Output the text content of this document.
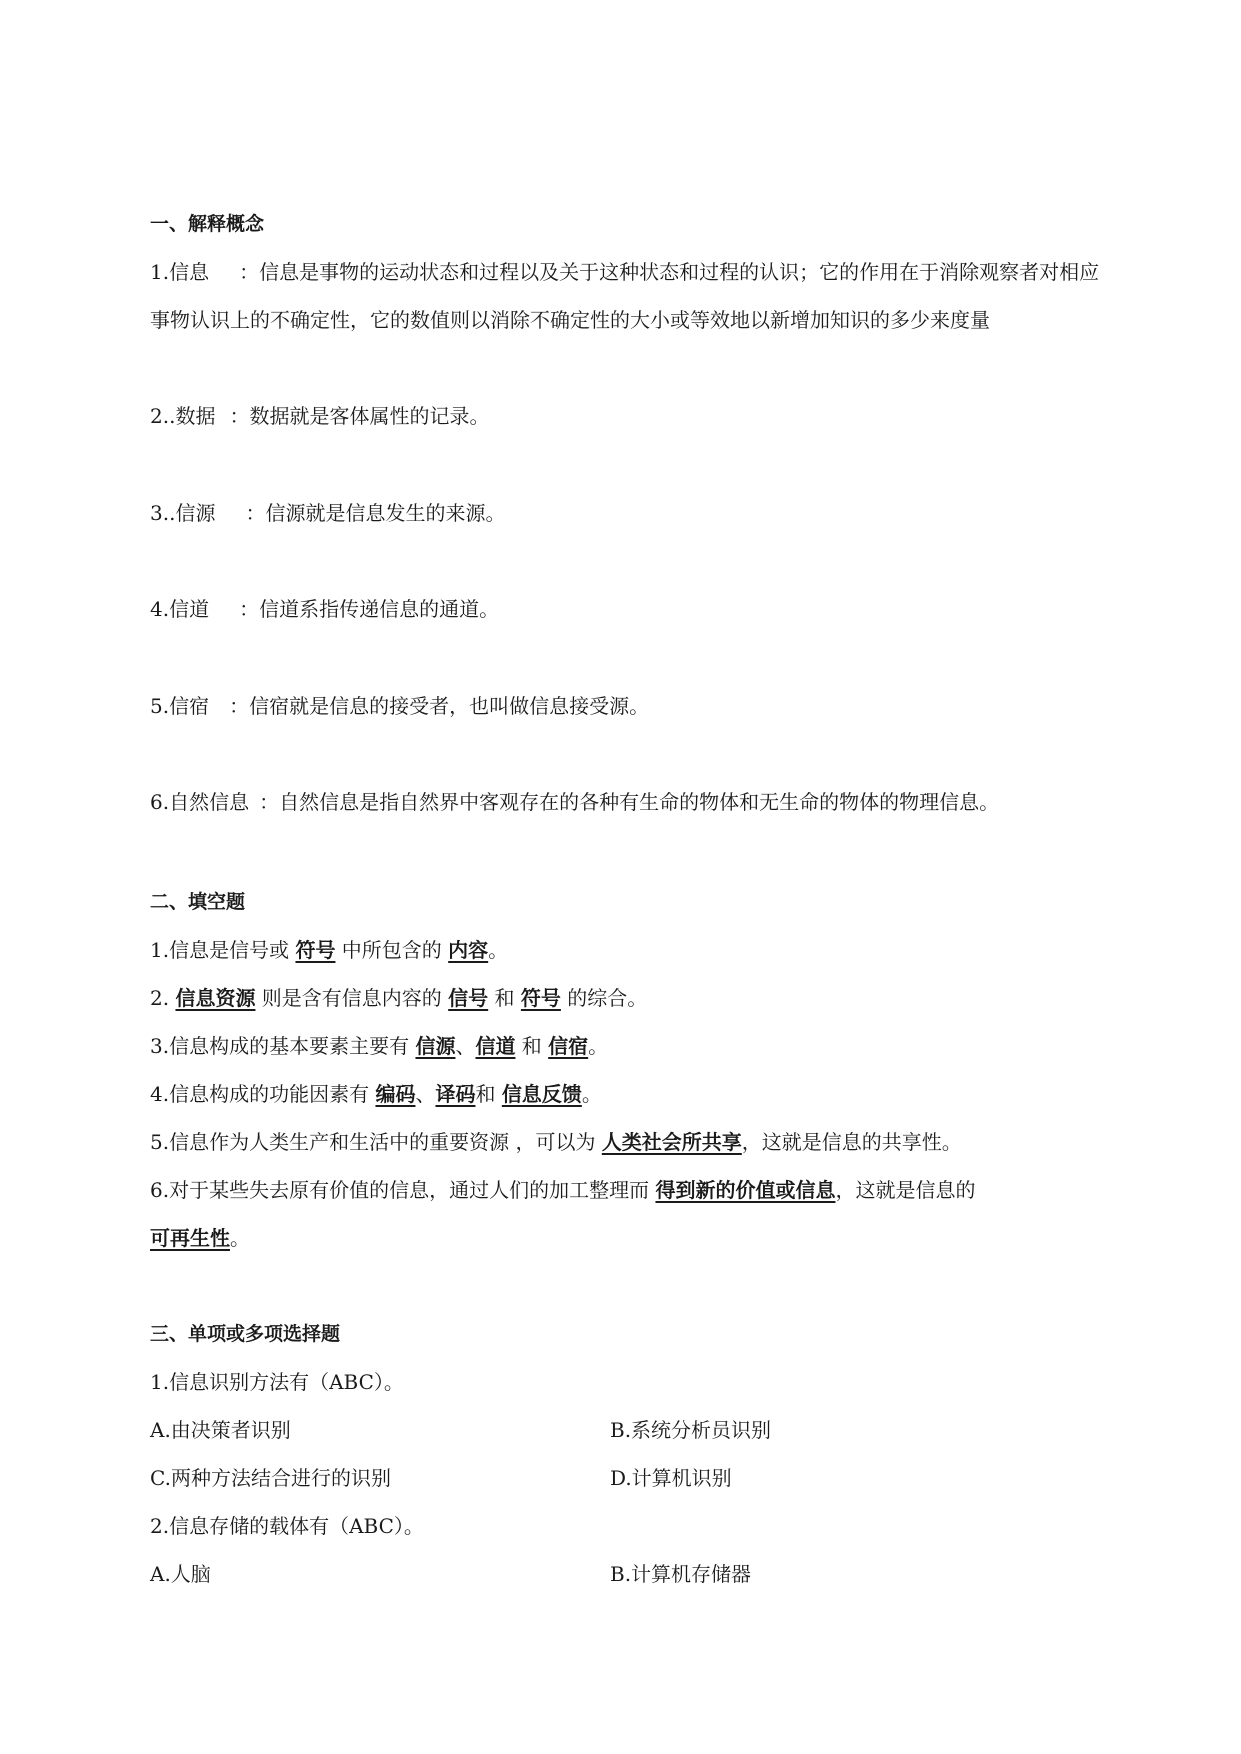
一、解释概念
1.信息 ：信息是事物的运动状态和过程以及关于这种状态和过程的认识；它的作用在于消除观察者对相应
事物认识上的不确定性，它的数值则以消除不确定性的大小或等效地以新增加知识的多少来度量
2..数据 ：数据就是客体属性的记录。
3..信源 ：信源就是信息发生的来源。
4.信道 ：信道系指传递信息的通道。
5.信宿 ：信宿就是信息的接受者，也叫做信息接受源。
6.自然信息 ：自然信息是指自然界中客观存在的各种有生命的物体和无生命的物体的物理信息。
二、填空题
1.信息是信号或 符号 中所包含的 内容。
2. 信息资源 则是含有信息内容的 信号 和 符号 的综合。
3.信息构成的基本要素主要有 信源、信道 和 信宿。
4.信息构成的功能因素有 编码、译码和 信息反馈。
5.信息作为人类生产和生活中的重要资源 ，可以为 人类社会所共享，这就是信息的共享性。
6.对于某些失去原有价值的信息，通过人们的加工整理而 得到新的价值或信息，这就是信息的
可再生性。
三、单项或多项选择题
1.信息识别方法有（ABC）。
A.由决策者识别	B.系统分析员识别
C.两种方法结合进行的识别	D.计算机识别
2.信息存储的载体有（ABC）。
A.人脑	B.计算机存储器
